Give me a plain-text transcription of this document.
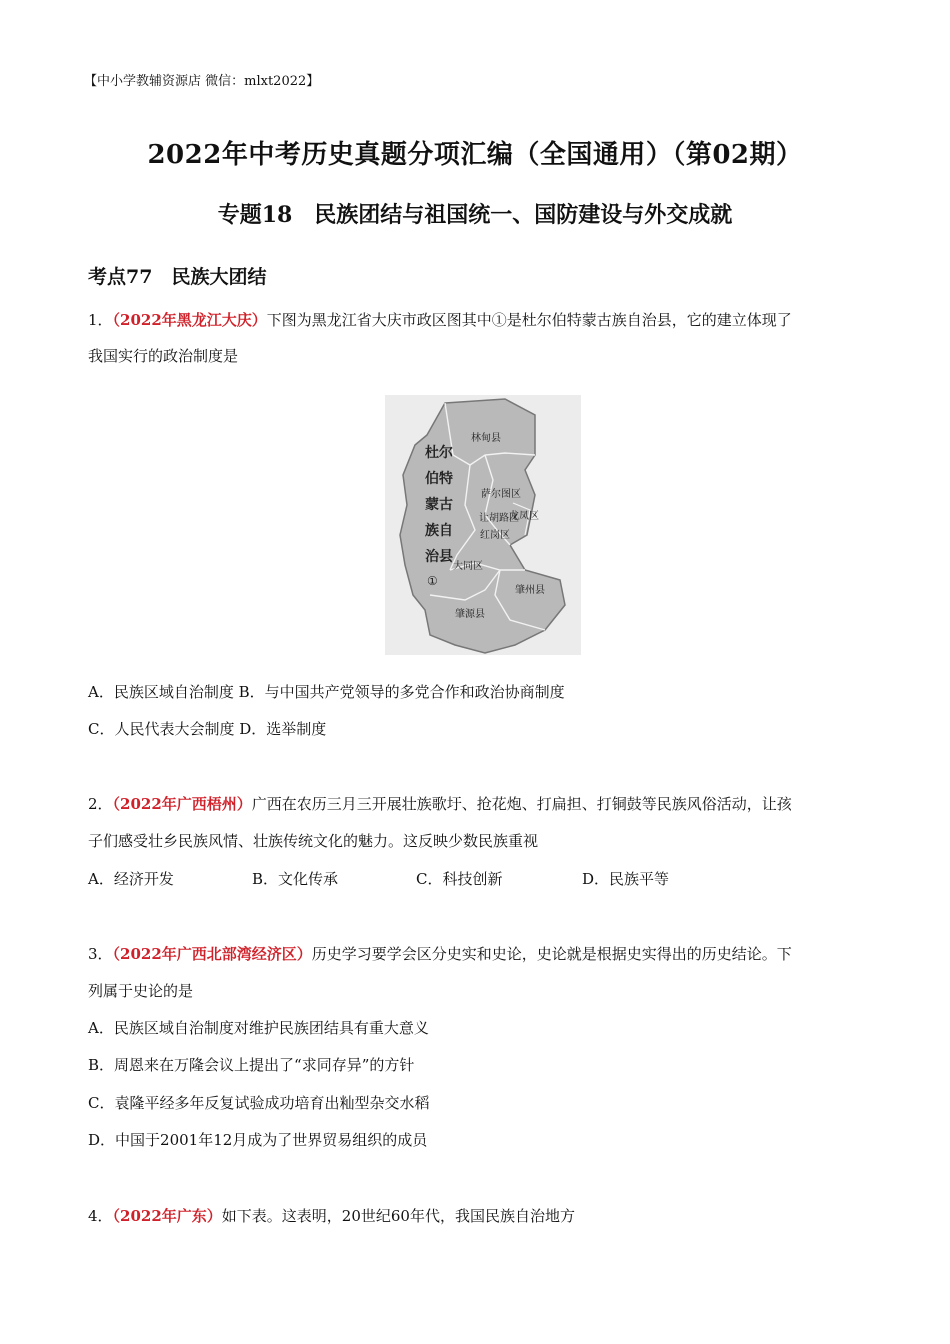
【中小学教辅资源店 微信：mlxt2022】
2022年中考历史真题分项汇编（全国通用）（第02期）
专题18　民族团结与祖国统一、国防建设与外交成就
考点77　民族大团结
1．（2022年黑龙江大庆）下图为黑龙江省大庆市政区图其中①是杜尔伯特蒙古族自治县，它的建立体现了
我国实行的政治制度是
林甸县
杜尔
伯特
蒙古
族自
治县
①
萨尔图区
让胡路区
龙凤区
红岗区
大同区
肇州县
肇源县
A．民族区域自治制度 B．与中国共产党领导的多党合作和政治协商制度
C．人民代表大会制度 D．选举制度
2．（2022年广西梧州）广西在农历三月三开展壮族歌圩、抢花炮、打扁担、打铜鼓等民族风俗活动，让孩
子们感受壮乡民族风情、壮族传统文化的魅力。这反映少数民族重视
A．经济开发	B．文化传承	C．科技创新	D．民族平等
3．（2022年广西北部湾经济区）历史学习要学会区分史实和史论，史论就是根据史实得出的历史结论。下
列属于史论的是
A．民族区域自治制度对维护民族团结具有重大意义
B．周恩来在万隆会议上提出了“求同存异”的方针
C．袁隆平经多年反复试验成功培育出籼型杂交水稻
D．中国于2001年12月成为了世界贸易组织的成员
4．（2022年广东）如下表。这表明，20世纪60年代，我国民族自治地方
